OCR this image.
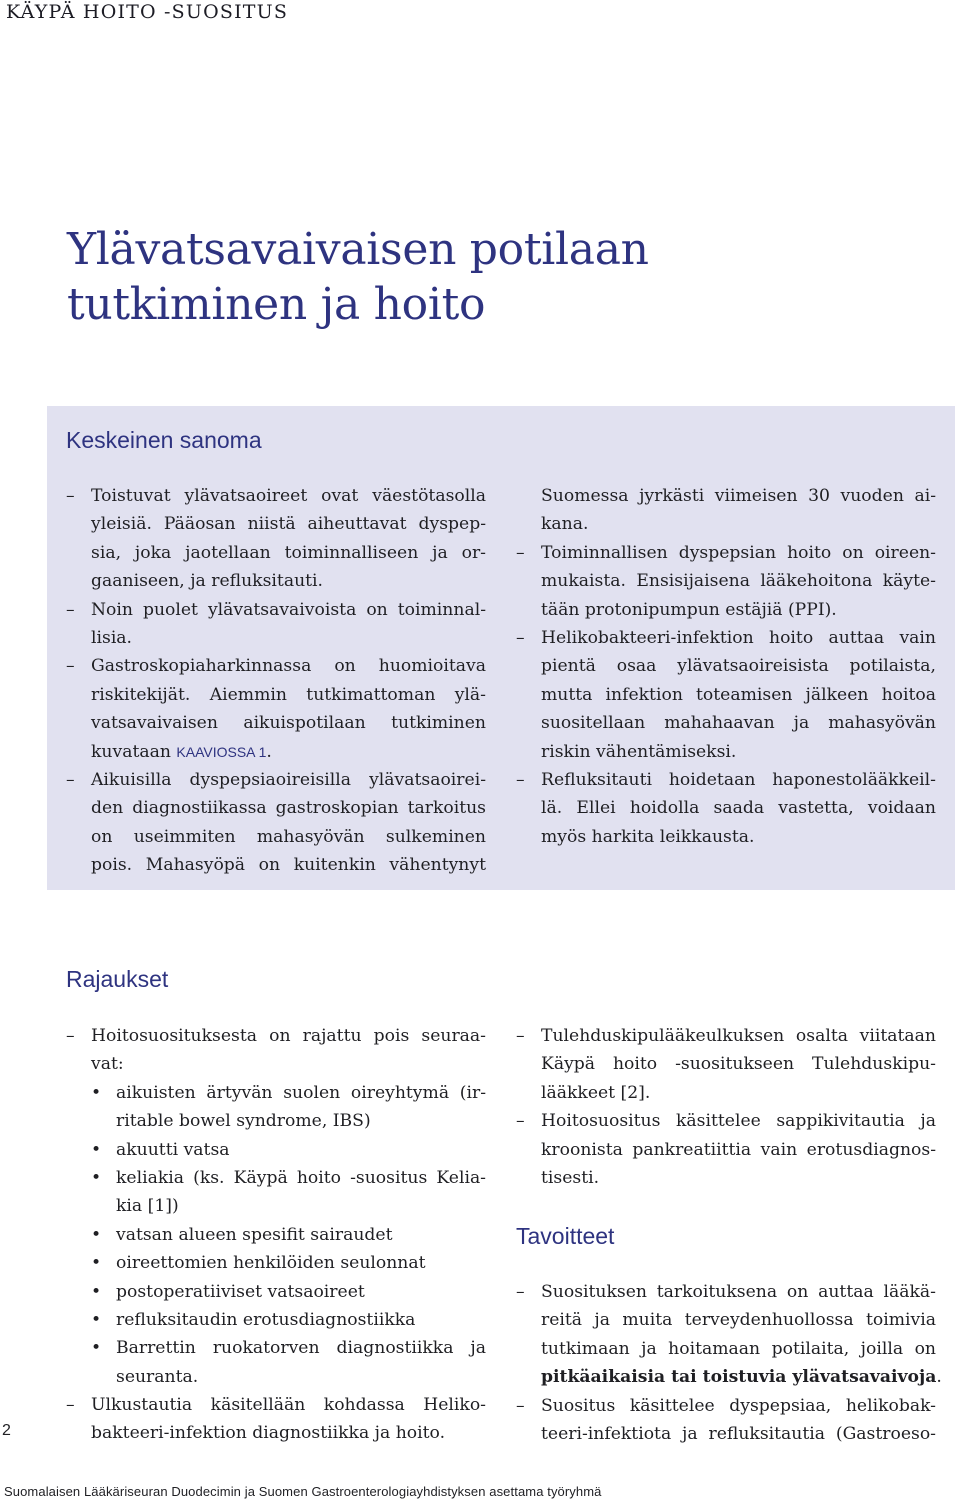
KÄYPÄ HOITO -SUOSITUS
Ylävatsavaivaisen potilaan
tutkiminen ja hoito
Keskeinen sanoma
– Toistuvat ylävatsaoireet ovat väestötasolla
yleisiä. Pääosan niistä aiheuttavat dyspep-
sia, joka jaotellaan toiminnalliseen ja or-
gaaniseen, ja refluksitauti.
– Noin puolet ylävatsavaivoista on toiminnal-
lisia.
– Gastroskopiaharkinnassa on huomioitava
riskitekijät. Aiemmin tutkimattoman ylä-
vatsavaivaisen aikuispotilaan tutkiminen
kuvataan KAAVIOSSA 1.
– Aikuisilla dyspepsiaoireisilla ylävatsaoirei-
den diagnostiikassa gastroskopian tarkoitus
on useimmiten mahasyövän sulkeminen
pois. Mahasyöpä on kuitenkin vähentynyt
Suomessa jyrkästi viimeisen 30 vuoden ai-
kana.
– Toiminnallisen dyspepsian hoito on oireen-
mukaista. Ensisijaisena lääkehoitona käyte-
tään protonipumpun estäjiä (PPI).
– Helikobakteeri-infektion hoito auttaa vain
pientä osaa ylävatsaoireisista potilaista,
mutta infektion toteamisen jälkeen hoitoa
suositellaan mahahaavan ja mahasyövän
riskin vähentämiseksi.
– Refluksitauti hoidetaan haponestolääkkeil-
lä. Ellei hoidolla saada vastetta, voidaan
myös harkita leikkausta.
Rajaukset
– Hoitosuosituksesta on rajattu pois seuraa-
vat:
• aikuisten ärtyvän suolen oireyhtymä (ir-
ritable bowel syndrome, IBS)
• akuutti vatsa
• keliakia (ks. Käypä hoito -suositus Kelia-
kia [1])
• vatsan alueen spesifit sairaudet
• oireettomien henkilöiden seulonnat
• postoperatiiviset vatsaoireet
• refluksitaudin erotusdiagnostiikka
• Barrettin ruokatorven diagnostiikka ja
seuranta.
– Ulkustautia käsitellään kohdassa Heliko-
bakteeri-infektion diagnostiikka ja hoito.
– Tulehduskipulääkeulkuksen osalta viitataan
Käypä hoito -suositukseen Tulehduskipu-
lääkkeet [2].
– Hoitosuositus käsittelee sappikivitautia ja
kroonista pankreatiittia vain erotusdiagnos-
tisesti.
Tavoitteet
– Suosituksen tarkoituksena on auttaa lääkä-
reitä ja muita terveydenhuollossa toimivia
tutkimaan ja hoitamaan potilaita, joilla on
pitkäaikaisia tai toistuvia ylävatsavaivoja.
– Suositus käsittelee dyspepsiaa, helikobak-
teeri-infektiota ja refluksitautia (Gastroeso-
2
Suomalaisen Lääkäriseuran Duodecimin ja Suomen Gastroenterologiayhdistyksen asettama työryhmä
